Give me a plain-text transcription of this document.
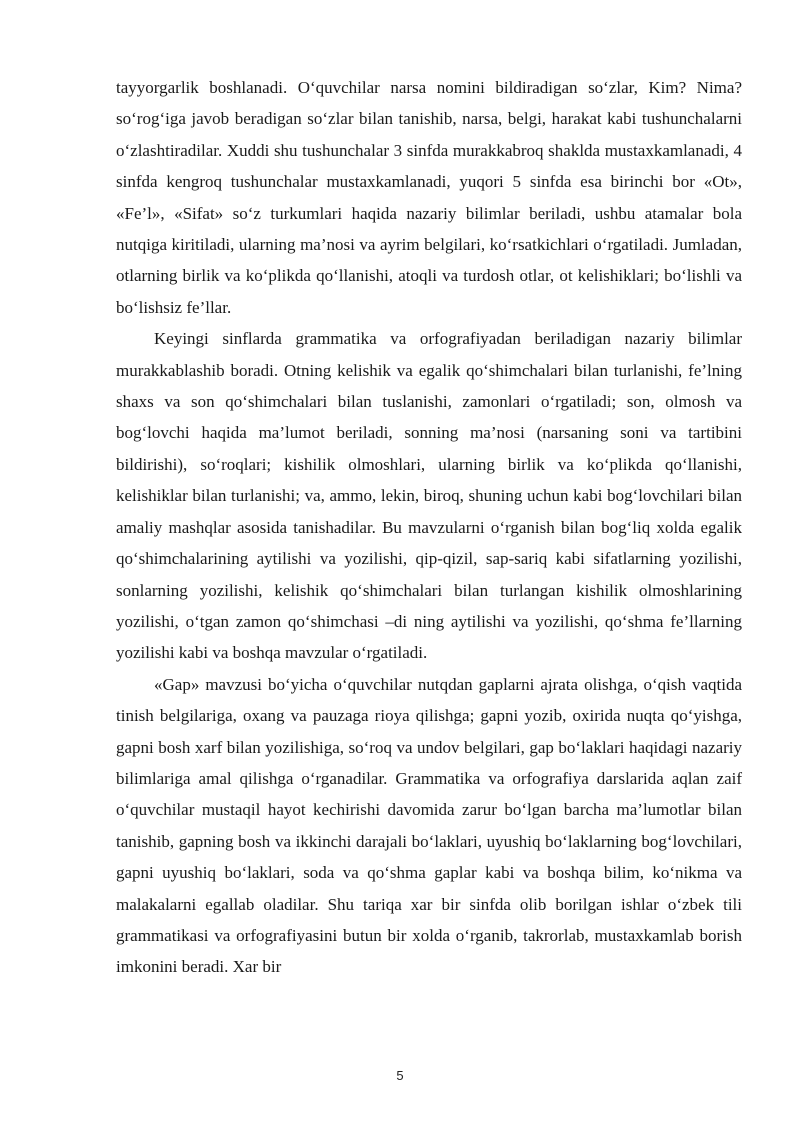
tayyorgarlik boshlanadi. O‘quvchilar narsa nomini bildiradigan so‘zlar, Kim? Nima? so‘rog‘iga javob beradigan so‘zlar bilan tanishib, narsa, belgi, harakat kabi tushunchalarni o‘zlashtiradilar. Xuddi shu tushunchalar 3 sinfda murakkabroq shaklda mustaxkamlanadi, 4 sinfda kengroq tushunchalar mustaxkamlanadi, yuqori 5 sinfda esa birinchi bor «Ot», «Fe’l», «Sifat» so‘z turkumlari haqida nazariy bilimlar beriladi, ushbu atamalar bola nutqiga kiritiladi, ularning ma’nosi va ayrim belgilari, ko‘rsatkichlari o‘rgatiladi. Jumladan, otlarning birlik va ko‘plikda qo‘llanishi, atoqli va turdosh otlar, ot kelishiklari; bo‘lishli va bo‘lishsiz fe’llar.

Keyingi sinflarda grammatika va orfografiyadan beriladigan nazariy bilimlar murakkablashib boradi. Otning kelishik va egalik qo‘shimchalari bilan turlanishi, fe’lning shaxs va son qo‘shimchalari bilan tuslanishi, zamonlari o‘rgatiladi; son, olmosh va bog‘lovchi haqida ma’lumot beriladi, sonning ma’nosi (narsaning soni va tartibini bildirishi), so‘roqlari; kishilik olmoshlari, ularning birlik va ko‘plikda qo‘llanishi, kelishiklar bilan turlanishi; va, ammo, lekin, biroq, shuning uchun kabi bog‘lovchilari bilan amaliy mashqlar asosida tanishadilar. Bu mavzularni o‘rganish bilan bog‘liq xolda egalik qo‘shimchalarining aytilishi va yozilishi, qip-qizil, sap-sariq kabi sifatlarning yozilishi, sonlarning yozilishi, kelishik qo‘shimchalari bilan turlangan kishilik olmoshlarining yozilishi, o‘tgan zamon qo‘shimchasi –di ning aytilishi va yozilishi, qo‘shma fe’llarning yozilishi kabi va boshqa mavzular o‘rgatiladi.

«Gap» mavzusi bo‘yicha o‘quvchilar nutqdan gaplarni ajrata olishga, o‘qish vaqtida tinish belgilariga, oxang va pauzaga rioya qilishga; gapni yozib, oxirida nuqta qo‘yishga, gapni bosh xarf bilan yozilishiga, so‘roq va undov belgilari, gap bo‘laklari haqidagi nazariy bilimlariga amal qilishga o‘rganadilar. Grammatika va orfografiya darslarida aqlan zaif o‘quvchilar mustaqil hayot kechirishi davomida zarur bo‘lgan barcha ma’lumotlar bilan tanishib, gapning bosh va ikkinchi darajali bo‘laklari, uyushiq bo‘laklarning bog‘lovchilari, gapni uyushiq bo‘laklari, soda va qo‘shma gaplar kabi va boshqa bilim, ko‘nikma va malakalarni egallab oladilar. Shu tariqa xar bir sinfda olib borilgan ishlar o‘zbek tili grammatikasi va orfografiyasini butun bir xolda o‘rganib, takrorlab, mustaxkamlab borish imkonini beradi. Xar bir

5
